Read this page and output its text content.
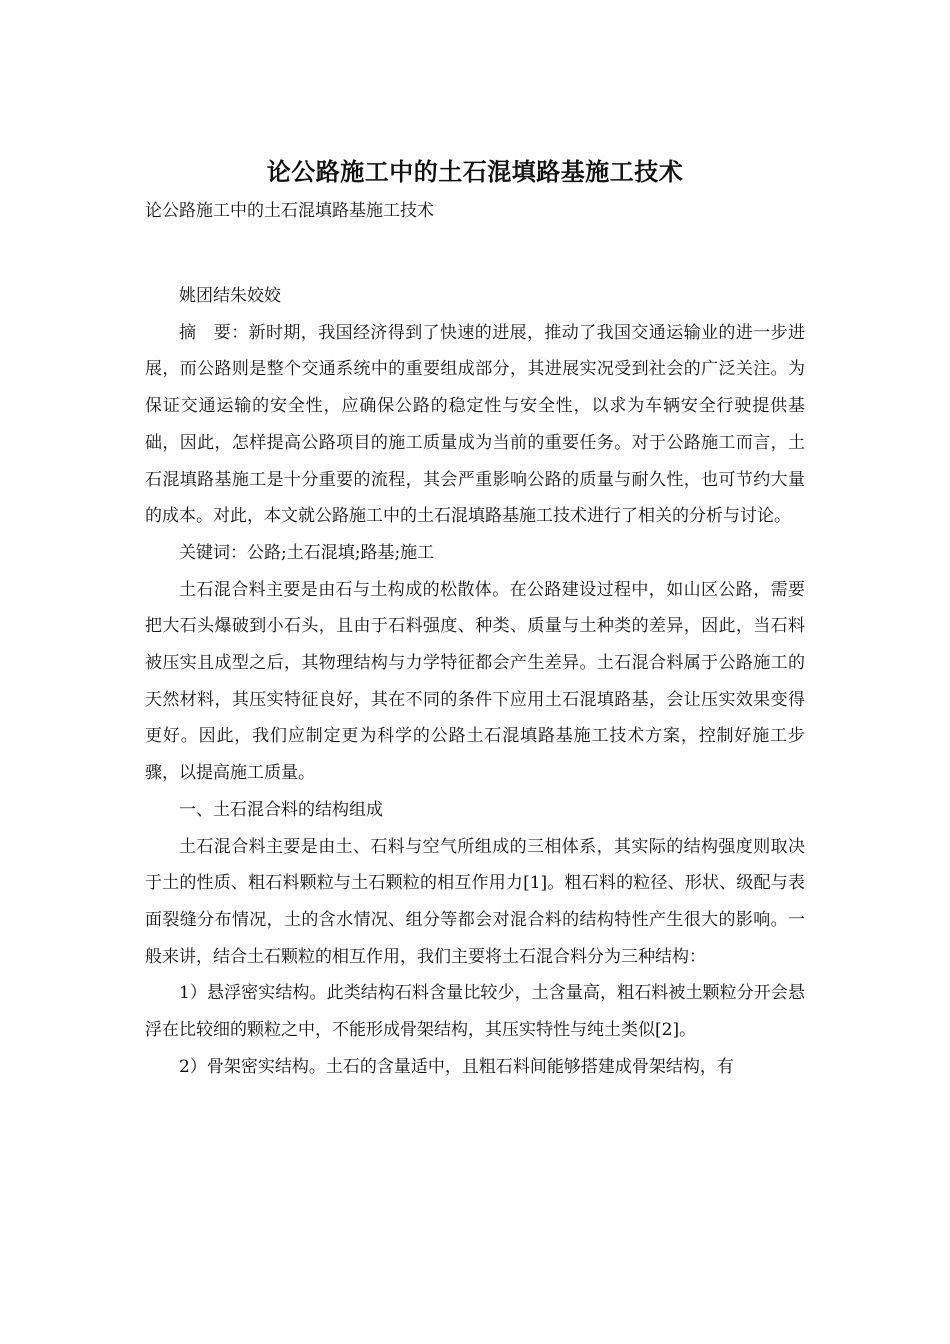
论公路施工中的土石混填路基施工技术
论公路施工中的土石混填路基施工技术

姚团结朱姣姣

摘　要：新时期，我国经济得到了快速的进展，推动了我国交通运输业的进一步进展，而公路则是整个交通系统中的重要组成部分，其进展实况受到社会的广泛关注。为保证交通运输的安全性，应确保公路的稳定性与安全性，以求为车辆安全行驶提供基础，因此，怎样提高公路项目的施工质量成为当前的重要任务。对于公路施工而言，土石混填路基施工是十分重要的流程，其会严重影响公路的质量与耐久性，也可节约大量的成本。对此，本文就公路施工中的土石混填路基施工技术进行了相关的分析与讨论。

关键词：公路;土石混填;路基;施工

土石混合料主要是由石与土构成的松散体。在公路建设过程中，如山区公路，需要把大石头爆破到小石头，且由于石料强度、种类、质量与土种类的差异，因此，当石料被压实且成型之后，其物理结构与力学特征都会产生差异。土石混合料属于公路施工的天然材料，其压实特征良好，其在不同的条件下应用土石混填路基，会让压实效果变得更好。因此，我们应制定更为科学的公路土石混填路基施工技术方案，控制好施工步骤，以提高施工质量。

一、土石混合料的结构组成

土石混合料主要是由土、石料与空气所组成的三相体系，其实际的结构强度则取决于土的性质、粗石料颗粒与土石颗粒的相互作用力[1]。粗石料的粒径、形状、级配与表面裂缝分布情况，土的含水情况、组分等都会对混合料的结构特性产生很大的影响。一般来讲，结合土石颗粒的相互作用，我们主要将土石混合料分为三种结构：

1）悬浮密实结构。此类结构石料含量比较少，土含量高，粗石料被土颗粒分开会悬浮在比较细的颗粒之中，不能形成骨架结构，其压实特性与纯土类似[2]。

2）骨架密实结构。土石的含量适中，且粗石料间能够搭建成骨架结构，有
